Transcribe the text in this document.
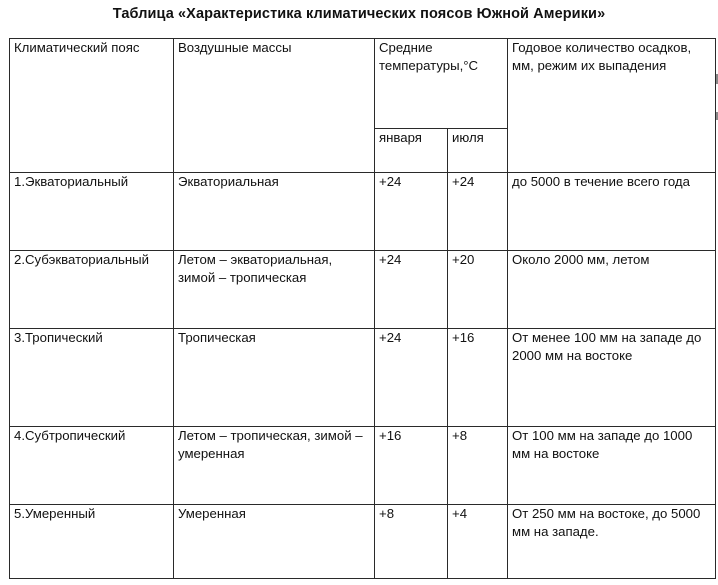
Таблица «Характеристика климатических поясов Южной Америки»
Климатический пояс	Воздушные массы	Средние температуры,°С		Годовое количество осадков, мм, режим их выпадения
		января	июля	
1.Экваториальный	Экваториальная	+24	+24	до 5000 в течение всего года
2.Субэкваториальный	Летом – экваториальная, зимой – тропическая	+24	+20	Около 2000 мм, летом
3.Тропический	Тропическая	+24	+16	От менее 100 мм на западе до 2000 мм на востоке
4.Субтропический	Летом – тропическая, зимой – умеренная	+16	+8	От 100 мм на западе до 1000 мм на востоке
5.Умеренный	Умеренная	+8	+4	От 250 мм на востоке, до 5000 мм на западе.
